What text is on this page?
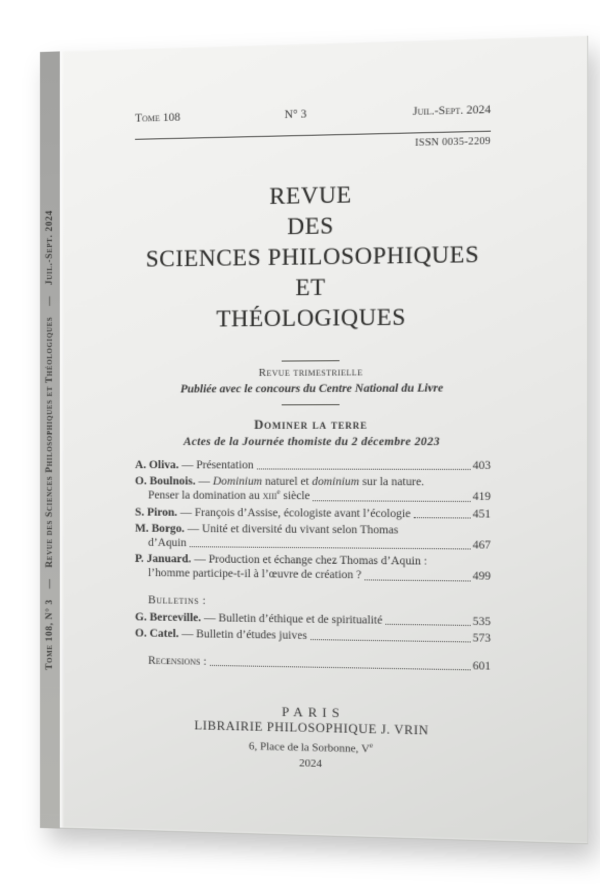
Tome 108, N° 3  —  Revue des Sciences Philosophiques et Théologiques  —  Juil.-Sept. 2024
Tome 108	N° 3	Juil.-Sept. 2024
ISSN 0035-2209
REVUE
DES
SCIENCES PHILOSOPHIQUES
ET
THÉOLOGIQUES
Revue trimestrielle
Publiée avec le concours du Centre National du Livre
Dominer la terre
Actes de la Journée thomiste du 2 décembre 2023
A. Oliva. — Présentation	403
O. Boulnois. — Dominium naturel et dominium sur la nature.
Penser la domination au xiii$^e$ siècle	419
S. Piron. — François d’Assise, écologiste avant l’écologie	451
M. Borgo. — Unité et diversité du vivant selon Thomas
d’Aquin	467
P. Januard. — Production et échange chez Thomas d’Aquin :
l’homme participe-t-il à l’œuvre de création ?	499
Bulletins :
G. Berceville. — Bulletin d’éthique et de spiritualité	535
O. Catel. — Bulletin d’études juives	573
Recensions :	601
PARIS
LIBRAIRIE PHILOSOPHIQUE J. VRIN
6, Place de la Sorbonne, Ve
2024
